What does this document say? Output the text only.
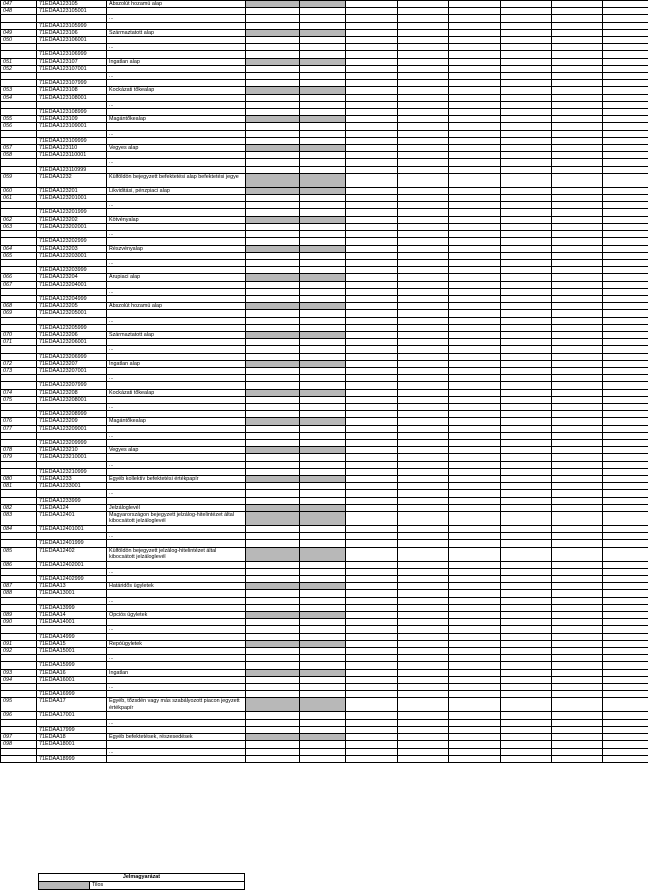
047	71EDAA123105	Abszolút hozamú alap									
048	71EDAA123105001										
		...									
	71EDAA123105999										
049	71EDAA123106	Származtatott alap									
050	71EDAA123106001										
		...									
	71EDAA123106999										
051	71EDAA123107	Ingatlan alap									
052	71EDAA123107001										
		...									
	71EDAA123107999										
053	71EDAA123108	Kockázati tőkealap									
054	71EDAA123108001										
		...									
	71EDAA123108999										
055	71EDAA123109	Magántőkealap									
056	71EDAA123109001										
		...									
	71EDAA123109999										
057	71EDAA123110	Vegyes alap									
058	71EDAA123110001										
		...									
	71EDAA123110999										
059	71EDAA1232	Külföldön bejegyzett befektetési alap befektetési jegye									
060	71EDAA123201	Likviditási, pénzpiaci alap									
061	71EDAA123201001										
		...									
	71EDAA123201999										
062	71EDAA123202	Kötvényalap									
063	71EDAA123202001										
		...									
	71EDAA123202999										
064	71EDAA123203	Részvényalap									
065	71EDAA123203001										
		...									
	71EDAA123203999										
066	71EDAA123204	Árupiaci alap									
067	71EDAA123204001										
		...									
	71EDAA123204999										
068	71EDAA123205	Abszolút hozamú alap									
069	71EDAA123205001										
		...									
	71EDAA123205999										
070	71EDAA123206	Származtatott alap									
071	71EDAA123206001										
		...									
	71EDAA123206999										
072	71EDAA123207	Ingatlan alap									
073	71EDAA123207001										
		...									
	71EDAA123207999										
074	71EDAA123208	Kockázati tőkealap									
075	71EDAA123208001										
		...									
	71EDAA123208999										
076	71EDAA123209	Magántőkealap									
077	71EDAA123209001										
		...									
	71EDAA123209999										
078	71EDAA123210	Vegyes alap									
079	71EDAA123210001										
		...									
	71EDAA123210999										
080	71EDAA1233	Egyéb kollektív befektetési értékpapír									
081	71EDAA1233001										
		...									
	71EDAA1233999										
082	71EDAA124	Jelzáloglevél									
083	71EDAA12401	Magyarországon bejegyzett jelzálog-hitelintézet által kibocsátott jelzáloglevél									
084	71EDAA12401001										
		...									
	71EDAA12401999										
085	71EDAA12402	Külföldön bejegyzett jelzálog-hitelintézet által kibocsátott jelzáloglevél									
086	71EDAA12402001										
		...									
	71EDAA12402999										
087	71EDAA13	Határidős ügyletek									
088	71EDAA13001										
		...									
	71EDAA13999										
089	71EDAA14	Opciós ügyletek									
090	71EDAA14001										
		...									
	71EDAA14999										
091	71EDAA15	Repóügyletek									
092	71EDAA15001										
		...									
	71EDAA15999										
093	71EDAA16	Ingatlan									
094	71EDAA16001										
		...									
	71EDAA16999										
095	71EDAA17	Egyéb, tőzsdén vagy más szabályozott piacon jegyzett értékpapír									
096	71EDAA17001										
		...									
	71EDAA17999										
097	71EDAA18	Egyéb befektetések, részesedések									
098	71EDAA18001										
		...									
	71EDAA18999										
Jelmagyarázat
	Tilos
